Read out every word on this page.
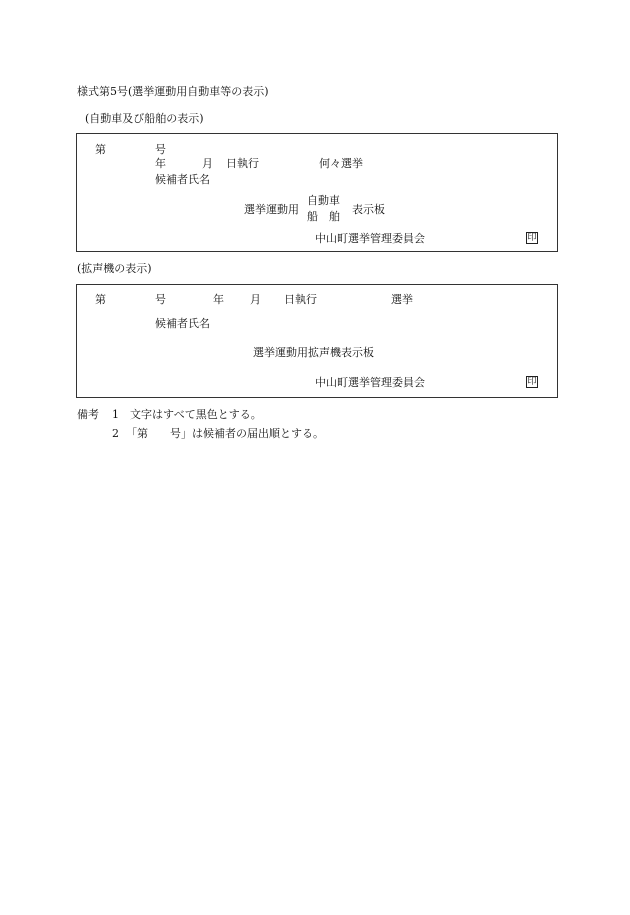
様式第5号(選挙運動用自動車等の表示)
(自動車及び船舶の表示)
第	号
年	月 日執行	何々選挙
候補者氏名
選挙運動用
自動車
船　舶
表示板
中山町選挙管理委員会	印
(拡声機の表示)
第	号	年 月 日執行	選挙
候補者氏名
選挙運動用拡声機表示板
中山町選挙管理委員会	印
備考 1 文字はすべて黒色とする。
2 「第　　号」は候補者の届出順とする。
